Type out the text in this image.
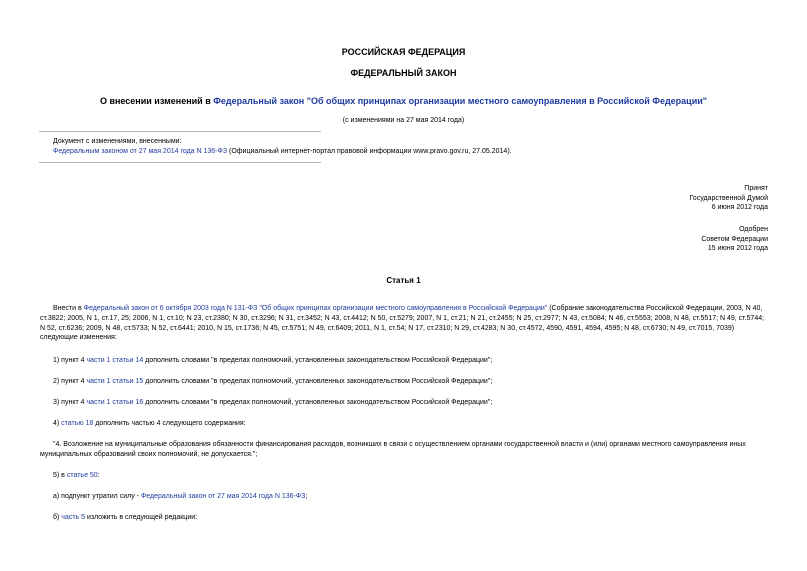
РОССИЙСКАЯ ФЕДЕРАЦИЯ
ФЕДЕРАЛЬНЫЙ ЗАКОН
О внесении изменений в Федеральный закон "Об общих принципах организации местного самоуправления в Российской Федерации"
(с изменениями на 27 мая 2014 года)
Документ с изменениями, внесенными:
Федеральным законом от 27 мая 2014 года N 136-ФЗ (Официальный интернет-портал правовой информации www.pravo.gov.ru, 27.05.2014).
Принят
Государственной Думой
6 июня 2012 года
Одобрен
Советом Федерации
15 июня 2012 года
Статья 1
Внести в Федеральный закон от 6 октября 2003 года N 131-ФЗ "Об общих принципах организации местного самоуправления в Российской Федерации" (Собрание законодательства Российской Федерации, 2003, N 40, ст.3822; 2005, N 1, ст.17, 25; 2006, N 1, ст.10; N 23, ст.2380; N 30, ст.3296; N 31, ст.3452; N 43, ст.4412; N 50, ст.5279; 2007, N 1, ст.21; N 21, ст.2455; N 25, ст.2977; N 43, ст.5084; N 46, ст.5553; 2008, N 48, ст.5517; N 49, ст.5744; N 52, ст.6236; 2009, N 48, ст.5733; N 52, ст.6441; 2010, N 15, ст.1736; N 45, ст.5751; N 49, ст.6409; 2011, N 1, ст.54; N 17, ст.2310; N 29, ст.4283; N 30, ст.4572, 4590, 4591, 4594, 4595; N 48, ст.6730; N 49, ст.7015, 7039) следующие изменения:
1) пункт 4 части 1 статьи 14 дополнить словами "в пределах полномочий, установленных законодательством Российской Федерации";
2) пункт 4 части 1 статьи 15 дополнить словами "в пределах полномочий, установленных законодательством Российской Федерации";
3) пункт 4 части 1 статьи 16 дополнить словами "в пределах полномочий, установленных законодательством Российской Федерации";
4) статью 18 дополнить частью 4 следующего содержания:
"4. Возложение на муниципальные образования обязанности финансирования расходов, возникших в связи с осуществлением органами государственной власти и (или) органами местного самоуправления иных муниципальных образований своих полномочий, не допускается.";
5) в статье 50:
а) подпункт утратил силу - Федеральный закон от 27 мая 2014 года N 136-ФЗ;
б) часть 5 изложить в следующей редакции:
